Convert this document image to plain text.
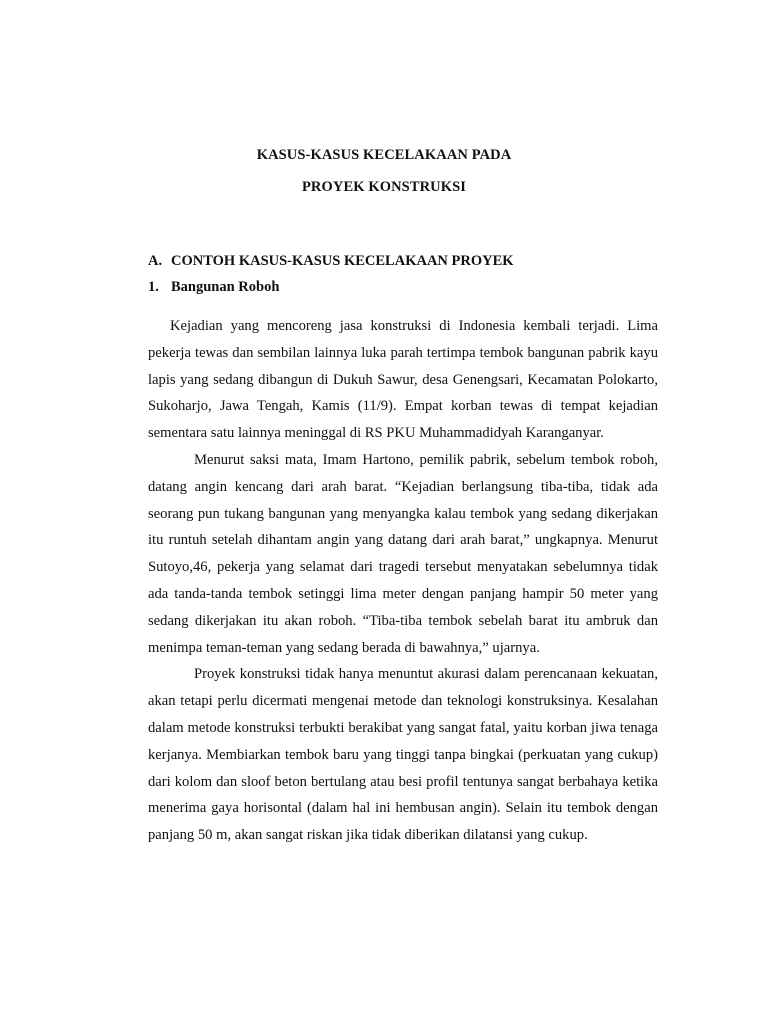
KASUS-KASUS KECELAKAAN PADA
PROYEK KONSTRUKSI
A. CONTOH KASUS-KASUS KECELAKAAN PROYEK
1. Bangunan Roboh

Kejadian yang mencoreng jasa konstruksi di Indonesia kembali terjadi. Lima pekerja tewas dan sembilan lainnya luka parah tertimpa tembok bangunan pabrik kayu lapis yang sedang dibangun di Dukuh Sawur, desa Genengsari, Kecamatan Polokarto, Sukoharjo, Jawa Tengah, Kamis (11/9). Empat korban tewas di tempat kejadian sementara satu lainnya meninggal di RS PKU Muhammadidyah Karanganyar.

Menurut saksi mata, Imam Hartono, pemilik pabrik, sebelum tembok roboh, datang angin kencang dari arah barat. “Kejadian berlangsung tiba-tiba, tidak ada seorang pun tukang bangunan yang menyangka kalau tembok yang sedang dikerjakan itu runtuh setelah dihantam angin yang datang dari arah barat,” ungkapnya. Menurut Sutoyo,46, pekerja yang selamat dari tragedi tersebut menyatakan sebelumnya tidak ada tanda-tanda tembok setinggi lima meter dengan panjang hampir 50 meter yang sedang dikerjakan itu akan roboh. “Tiba-tiba tembok sebelah barat itu ambruk dan menimpa teman-teman yang sedang berada di bawahnya,” ujarnya.

Proyek konstruksi tidak hanya menuntut akurasi dalam perencanaan kekuatan, akan tetapi perlu dicermati mengenai metode dan teknologi konstruksinya. Kesalahan dalam metode konstruksi terbukti berakibat yang sangat fatal, yaitu korban jiwa tenaga kerjanya. Membiarkan tembok baru yang tinggi tanpa bingkai (perkuatan yang cukup) dari kolom dan sloof beton bertulang atau besi profil tentunya sangat berbahaya ketika menerima gaya horisontal (dalam hal ini hembusan angin). Selain itu tembok dengan panjang 50 m, akan sangat riskan jika tidak diberikan dilatansi yang cukup.
